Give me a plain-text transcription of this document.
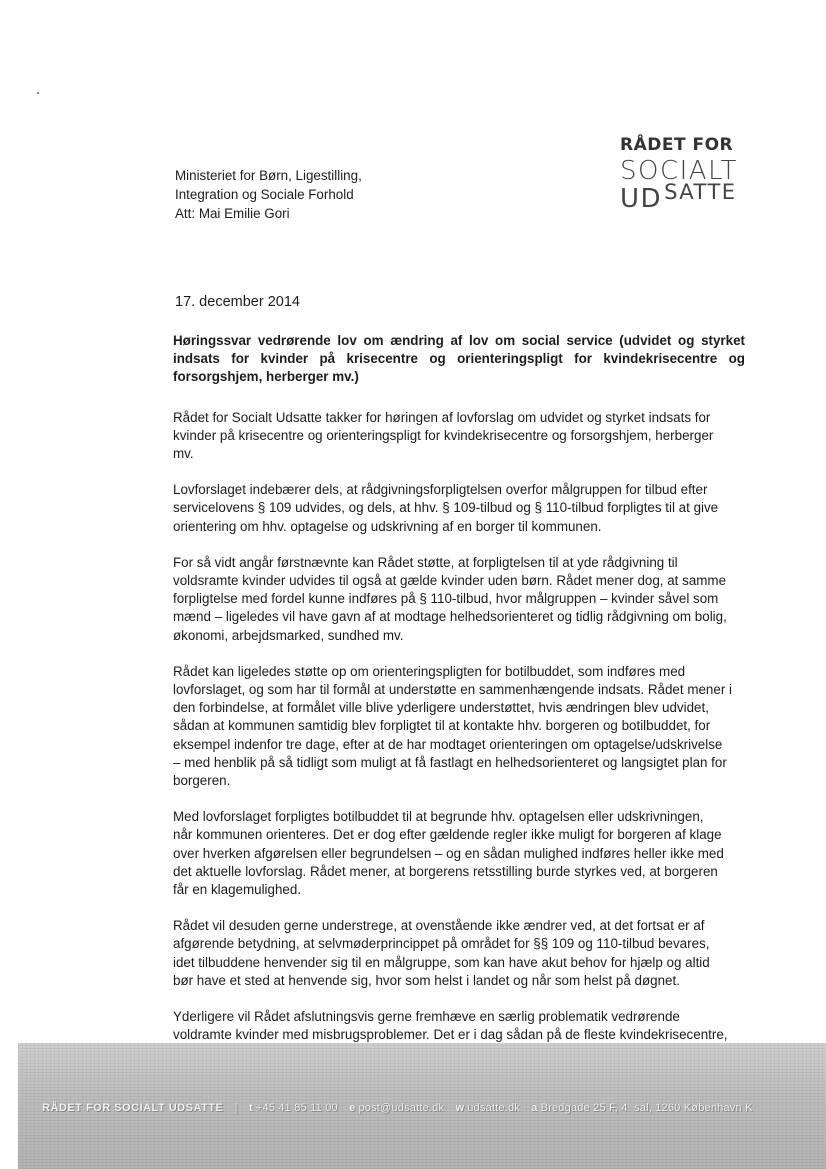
RÅDET FOR
SOCIALT
$UD^{SATTE}$
Ministeriet for Børn, Ligestilling,
Integration og Sociale Forhold
Att: Mai Emilie Gori
17. december 2014

Høringssvar vedrørende lov om ændring af lov om social service (udvidet og styrket indsats for kvinder på krisecentre og orienteringspligt for kvindekrisecentre og forsorgshjem, herberger mv.)

Rådet for Socialt Udsatte takker for høringen af lovforslag om udvidet og styrket indsats for
kvinder på krisecentre og orienteringspligt for kvindekrisecentre og forsorgshjem, herberger
mv.

Lovforslaget indebærer dels, at rådgivningsforpligtelsen overfor målgruppen for tilbud efter
servicelovens § 109 udvides, og dels, at hhv. § 109-tilbud og § 110-tilbud forpligtes til at give
orientering om hhv. optagelse og udskrivning af en borger til kommunen.

For så vidt angår førstnævnte kan Rådet støtte, at forpligtelsen til at yde rådgivning til
voldsramte kvinder udvides til også at gælde kvinder uden børn. Rådet mener dog, at samme
forpligtelse med fordel kunne indføres på § 110-tilbud, hvor målgruppen – kvinder såvel som
mænd – ligeledes vil have gavn af at modtage helhedsorienteret og tidlig rådgivning om bolig,
økonomi, arbejdsmarked, sundhed mv.

Rådet kan ligeledes støtte op om orienteringspligten for botilbuddet, som indføres med
lovforslaget, og som har til formål at understøtte en sammenhængende indsats. Rådet mener i
den forbindelse, at formålet ville blive yderligere understøttet, hvis ændringen blev udvidet,
sådan at kommunen samtidig blev forpligtet til at kontakte hhv. borgeren og botilbuddet, for
eksempel indenfor tre dage, efter at de har modtaget orienteringen om optagelse/udskrivelse
– med henblik på så tidligt som muligt at få fastlagt en helhedsorienteret og langsigtet plan for
borgeren.

Med lovforslaget forpligtes botilbuddet til at begrunde hhv. optagelsen eller udskrivningen,
når kommunen orienteres. Det er dog efter gældende regler ikke muligt for borgeren af klage
over hverken afgørelsen eller begrundelsen – og en sådan mulighed indføres heller ikke med
det aktuelle lovforslag. Rådet mener, at borgerens retsstilling burde styrkes ved, at borgeren
får en klagemulighed.

Rådet vil desuden gerne understrege, at ovenstående ikke ændrer ved, at det fortsat er af
afgørende betydning, at selvmøderprincippet på området for §§ 109 og 110-tilbud bevares,
idet tilbuddene henvender sig til en målgruppe, som kan have akut behov for hjælp og altid
bør have et sted at henvende sig, hvor som helst i landet og når som helst på døgnet.

Yderligere vil Rådet afslutningsvis gerne fremhæve en særlig problematik vedrørende
voldramte kvinder med misbrugsproblemer. Det er i dag sådan på de fleste kvindekrisecentre,

RÅDET FOR SOCIALT UDSATTE | t +45 41 85 11 00 e post@udsatte.dk w udsatte.dk a Bredgade 25 F, 4. sal, 1260 København K
